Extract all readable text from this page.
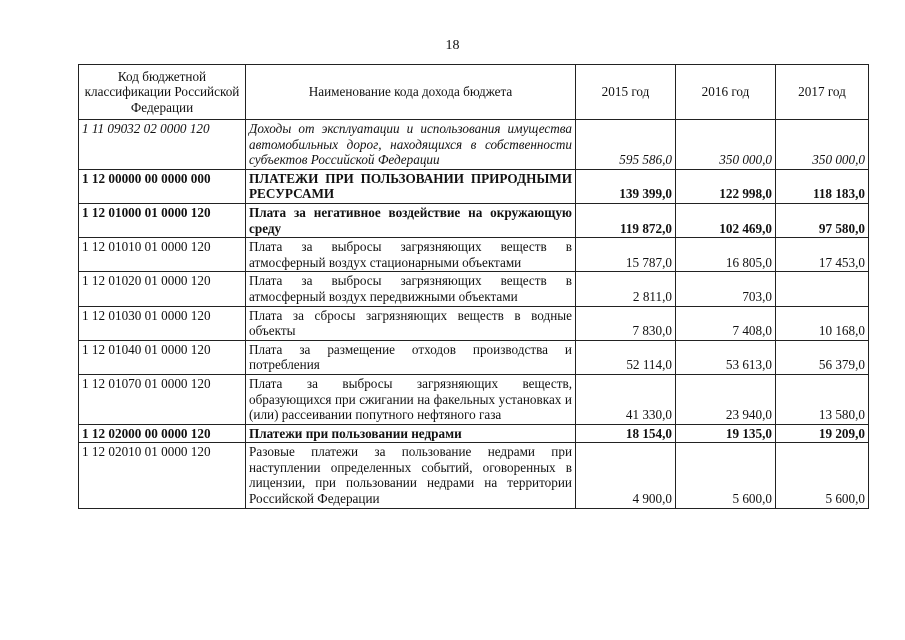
18
Код бюджетной классификации Российской Федерации	Наименование кода дохода бюджета	2015 год	2016 год	2017 год
1 11 09032 02 0000 120	Доходы от эксплуатации и использования имущества автомобильных дорог, находящихся в собственности субъектов Российской Федерации	595 586,0	350 000,0	350 000,0
1 12 00000 00 0000 000	ПЛАТЕЖИ ПРИ ПОЛЬЗОВАНИИ ПРИРОДНЫМИ РЕСУРСАМИ	139 399,0	122 998,0	118 183,0
1 12 01000 01 0000 120	Плата за негативное воздействие на окружающую среду	119 872,0	102 469,0	97 580,0
1 12 01010 01 0000 120	Плата за выбросы загрязняющих веществ в атмосферный воздух стационарными объектами	15 787,0	16 805,0	17 453,0
1 12 01020 01 0000 120	Плата за выбросы загрязняющих веществ в атмосферный воздух передвижными объектами	2 811,0	703,0	
1 12 01030 01 0000 120	Плата за сбросы загрязняющих веществ в водные объекты	7 830,0	7 408,0	10 168,0
1 12 01040 01 0000 120	Плата за размещение отходов производства и потребления	52 114,0	53 613,0	56 379,0
1 12 01070 01 0000 120	Плата за выбросы загрязняющих веществ, образующихся при сжигании на факельных установках и (или) рассеивании попутного нефтяного газа	41 330,0	23 940,0	13 580,0
1 12 02000 00 0000 120	Платежи при пользовании недрами	18 154,0	19 135,0	19 209,0
1 12 02010 01 0000 120	Разовые платежи за пользование недрами при наступлении определенных событий, оговоренных в лицензии, при пользовании недрами на территории Российской Федерации	4 900,0	5 600,0	5 600,0
